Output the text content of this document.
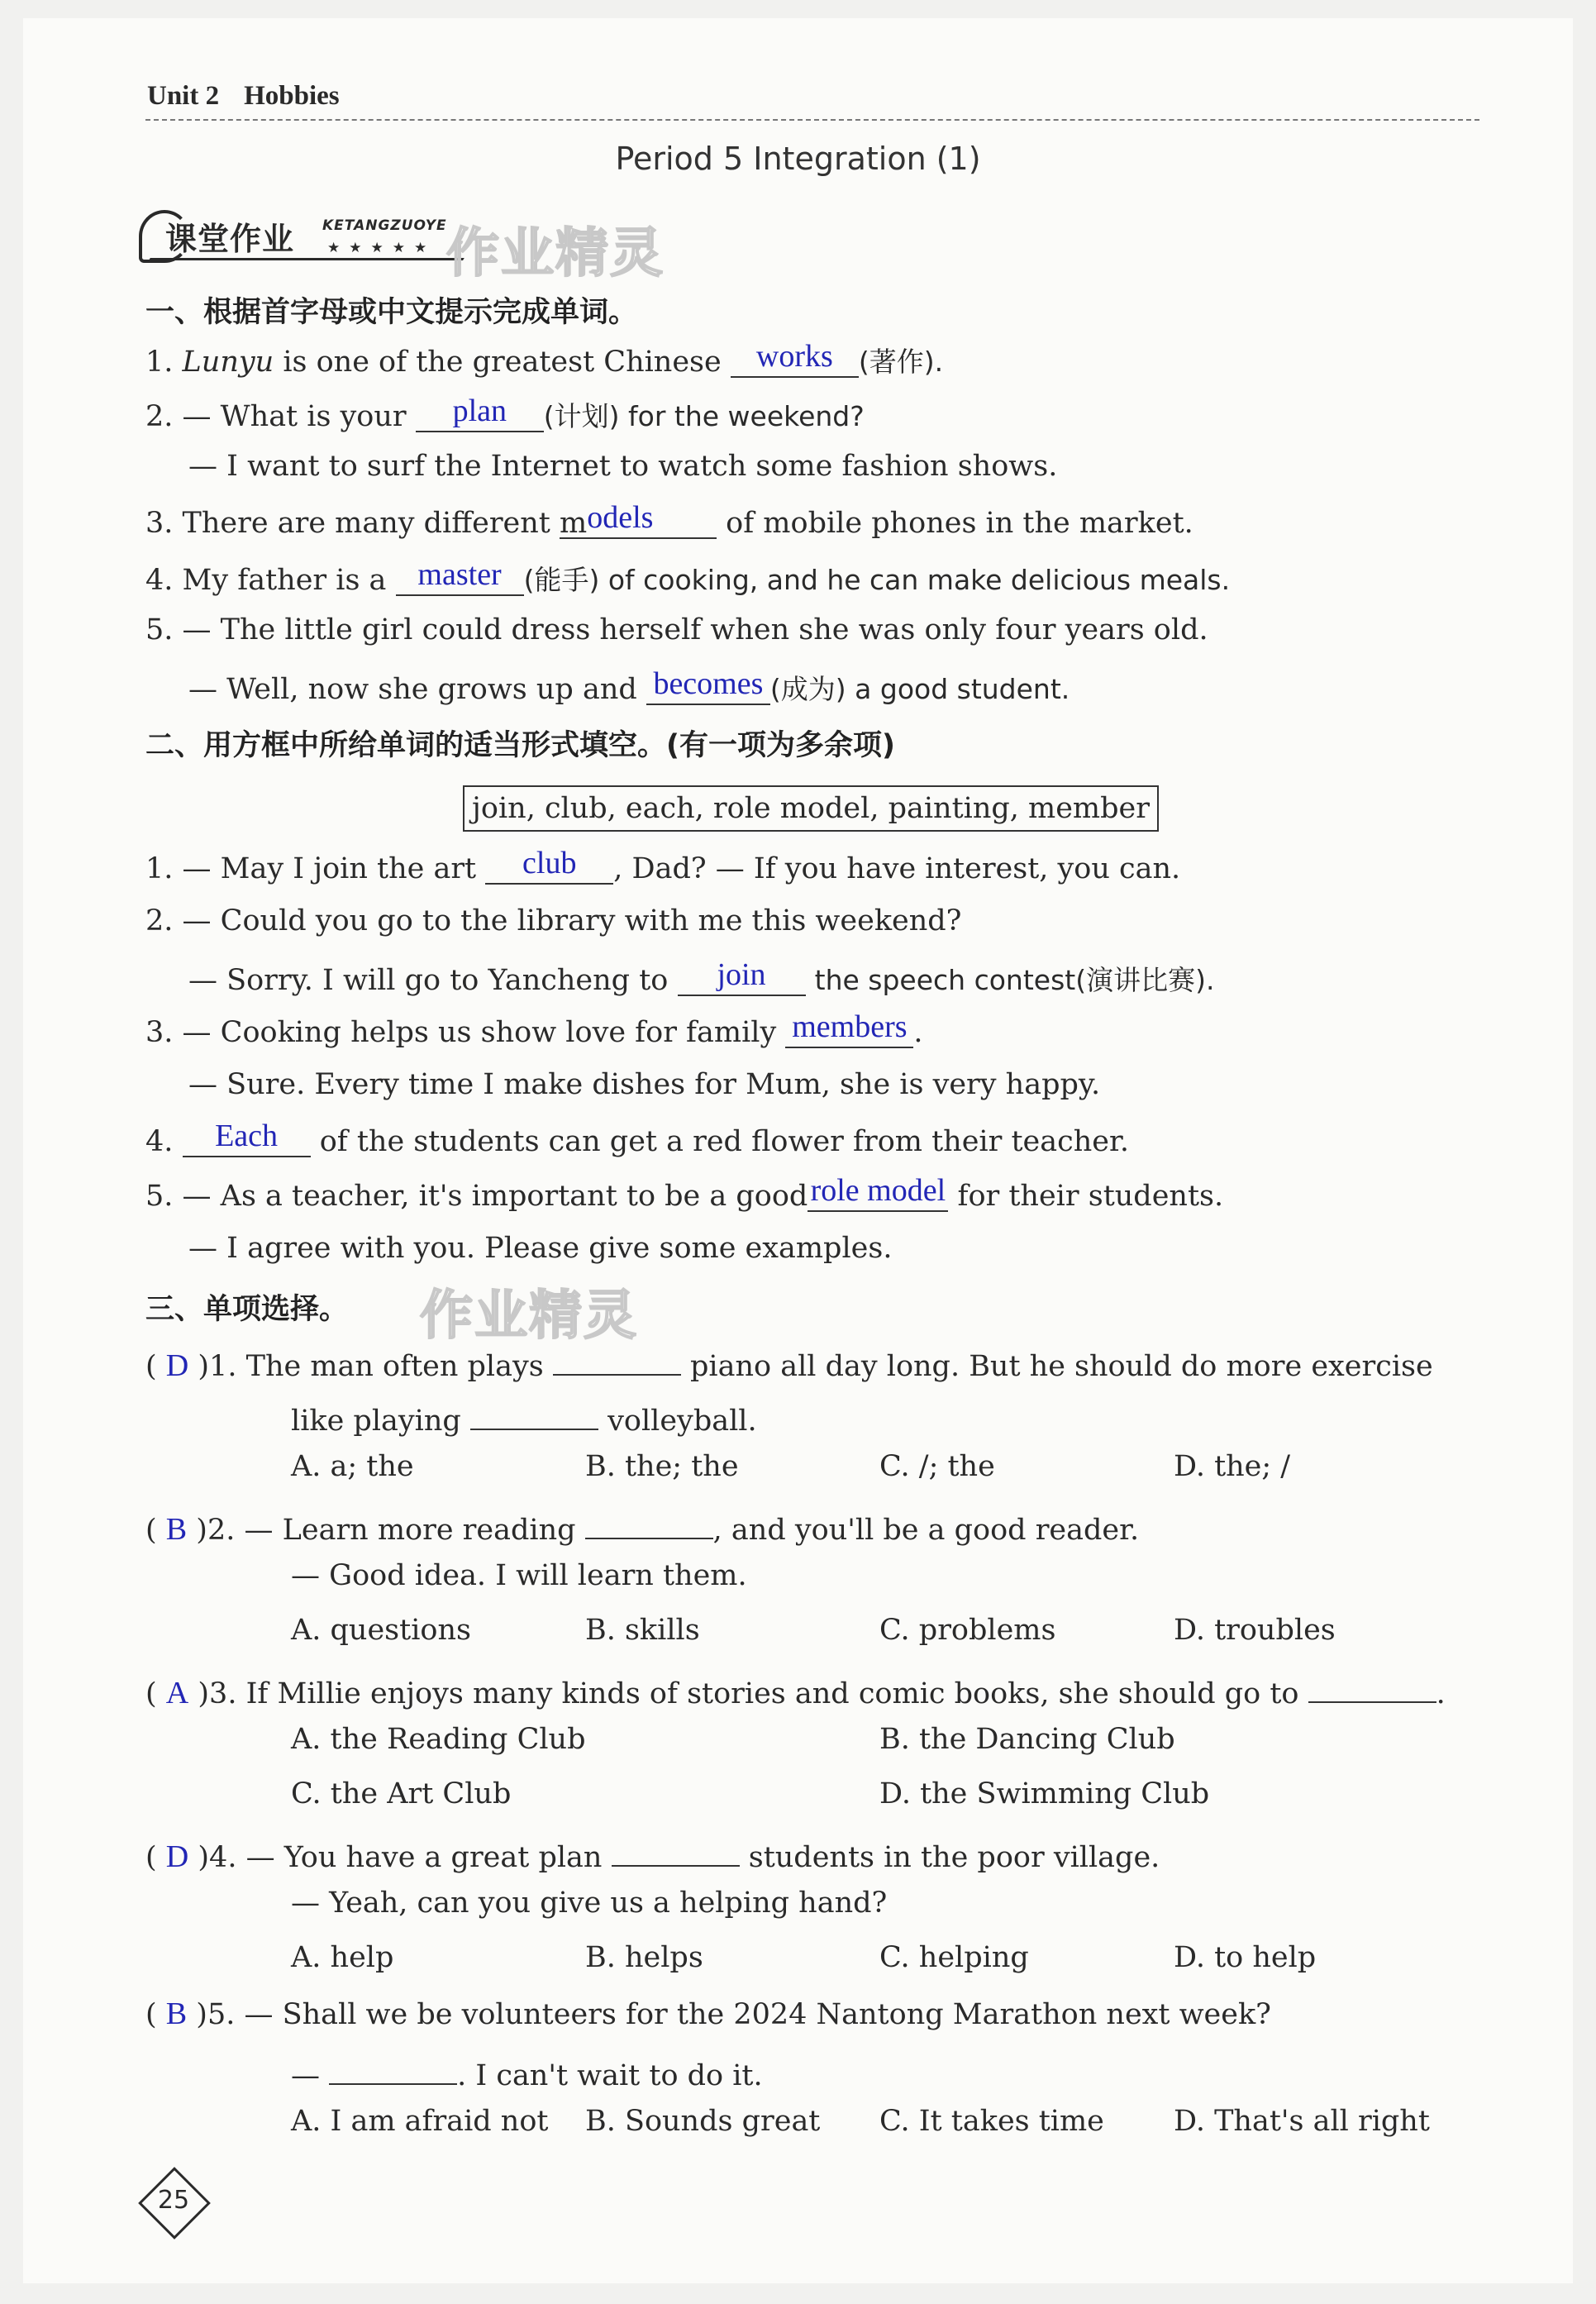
Unit 2 Hobbies
Period 5 Integration (1)
课堂作业 KETANGZUOYE
★★★★★ 作业精灵
作业精灵
一、根据首字母或中文提示完成单词。
1. Lunyu is one of the greatest Chinese works (著作).
2. — What is your plan (计划) for the weekend?
— I want to surf the Internet to watch some fashion shows.
3. There are many different models	of mobile phones in the market.
4. My father is a master (能手) of cooking, and he can make delicious meals.
5. — The little girl could dress herself when she was only four years old.
— Well, now she grows up and becomes (成为) a good student.
二、用方框中所给单词的适当形式填空。(有一项为多余项)
join, club, each, role model, painting, member
1. — May I join the art club , Dad? — If you have interest, you can.
2. — Could you go to the library with me this weekend?
— Sorry. I will go to Yancheng to join the speech contest(演讲比赛).
3. — Cooking helps us show love for family members .
— Sure. Every time I make dishes for Mum, she is very happy.
4. Each of the students can get a red flower from their teacher.
5. — As a teacher, it's important to be a goodrole model for their students.
— I agree with you. Please give some examples.
三、单项选择。
( D )1. The man often plays	piano all day long. But he should do more exercise
like playing	volleyball.
A. a; the	B. the; the	C. /; the	D. the; /
( B )2. — Learn more reading	, and you'll be a good reader.
— Good idea. I will learn them.
A. questions	B. skills	C. problems	D. troubles
( A )3. If Millie enjoys many kinds of stories and comic books, she should go to	.
A. the Reading Club	B. the Dancing Club
C. the Art Club	D. the Swimming Club
( D )4. — You have a great plan	students in the poor village.
— Yeah, can you give us a helping hand?
A. help	B. helps	C. helping	D. to help
( B )5. — Shall we be volunteers for the 2024 Nantong Marathon next week?
—	. I can't wait to do it.
A. I am afraid not B. Sounds great C. It takes time D. That's all right
25
